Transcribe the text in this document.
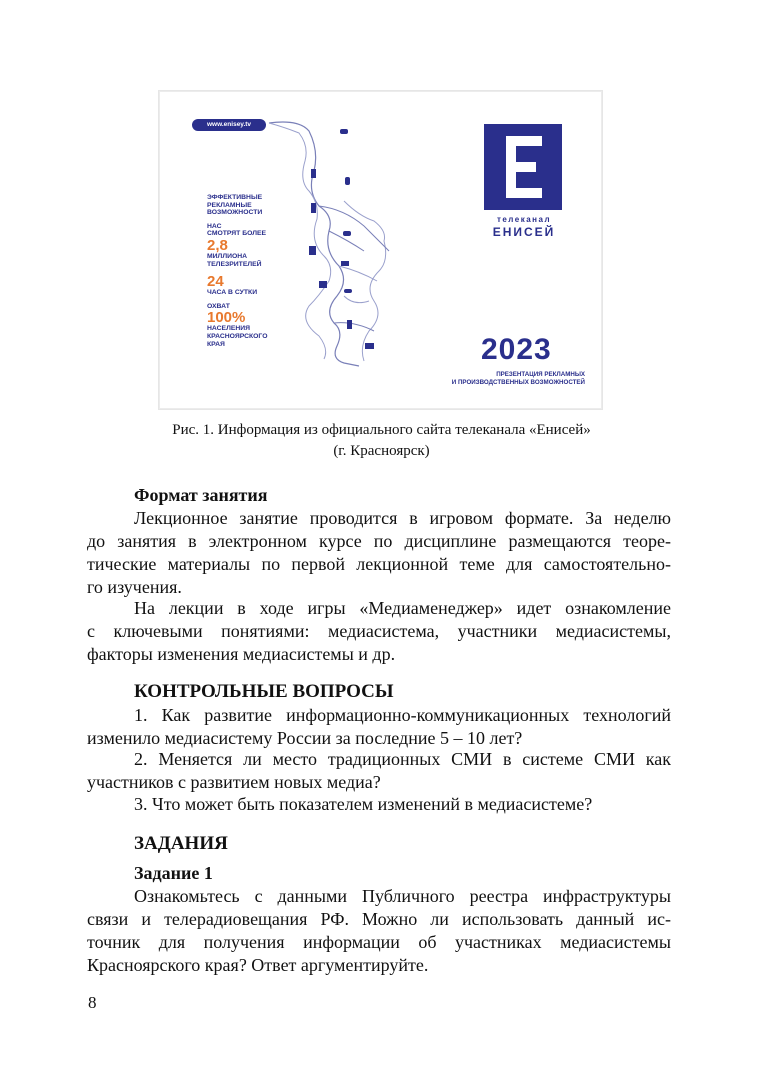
www.enisey.tv
ЭФФЕКТИВНЫЕ
РЕКЛАМНЫЕ
ВОЗМОЖНОСТИ
НАС
СМОТРЯТ БОЛЕЕ
2,8
МИЛЛИОНА
ТЕЛЕЗРИТЕЛЕЙ
24
ЧАСА В СУТКИ
ОХВАТ
100%
НАСЕЛЕНИЯ
КРАСНОЯРСКОГО
КРАЯ
телеканал
ЕНИСЕЙ
2023
ПРЕЗЕНТАЦИЯ РЕКЛАМНЫХ
И ПРОИЗВОДСТВЕННЫХ ВОЗМОЖНОСТЕЙ
Рис. 1. Информация из официального сайта телеканала «Енисей»
(г. Красноярск)
Формат занятия
Лекционное занятие проводится в игровом формате. За неделю
до занятия в электронном курсе по дисциплине размещаются теоре-
тические материалы по первой лекционной теме для самостоятельно-
го изучения.
На лекции в ходе игры «Медиаменеджер» идет ознакомление
с ключевыми понятиями: медиасистема, участники медиасистемы,
факторы изменения медиасистемы и др.
КОНТРОЛЬНЫЕ ВОПРОСЫ
1. Как развитие информационно-коммуникационных технологий
изменило медиасистему России за последние 5 – 10 лет?
2. Меняется ли место традиционных СМИ в системе СМИ как
участников с развитием новых медиа?
3. Что может быть показателем изменений в медиасистеме?
ЗАДАНИЯ
Задание 1
Ознакомьтесь с данными Публичного реестра инфраструктуры
связи и телерадиовещания РФ. Можно ли использовать данный ис-
точник для получения информации об участниках медиасистемы
Красноярского края? Ответ аргументируйте.
8
